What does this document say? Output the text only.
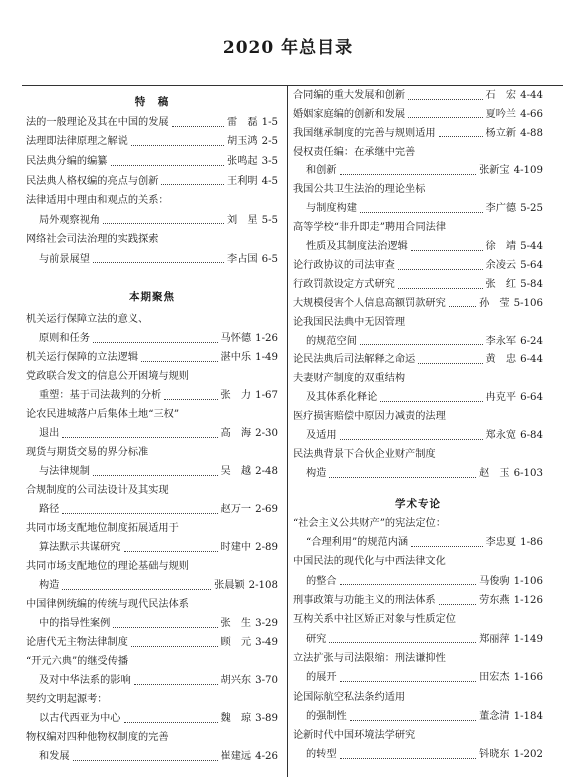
2020 年总目录
特　稿
法的一般理论及其在中国的发展	雷　磊 1-5
法理即法律原理之解说	胡玉鸿 2-5
民法典分编的编纂	张鸣起 3-5
民法典人格权编的亮点与创新	王利明 4-5
法律适用中理由和观点的关系：
局外观察视角	刘　星 5-5
网络社会司法治理的实践探索
与前景展望	李占国 6-5
本期聚焦
机关运行保障立法的意义、
原则和任务	马怀德 1-26
机关运行保障的立法逻辑	湛中乐 1-49
党政联合发文的信息公开困境与规则
重塑：基于司法裁判的分析	张　力 1-67
论农民进城落户后集体土地“三权”
退出	高　海 2-30
现货与期货交易的界分标准
与法律规制	吴　越 2-48
合规制度的公司法设计及其实现
路径	赵万一 2-69
共同市场支配地位制度拓展适用于
算法默示共谋研究	时建中 2-89
共同市场支配地位的理论基础与规则
构造	张晨颖 2-108
中国律例统编的传统与现代民法体系
中的指导性案例	张　生 3-29
论唐代无主物法律制度	顾　元 3-49
“开元六典”的继受传播
及对中华法系的影响	胡兴东 3-70
契约文明起源考：
以古代西亚为中心	魏　琼 3-89
物权编对四种他物权制度的完善
和发展	崔建远 4-26
合同编的重大发展和创新	石　宏 4-44
婚姻家庭编的创新和发展	夏吟兰 4-66
我国继承制度的完善与规则适用	杨立新 4-88
侵权责任编：在承继中完善
和创新	张新宝 4-109
我国公共卫生法治的理论坐标
与制度构建	李广德 5-25
高等学校“非升即走”聘用合同法律
性质及其制度法治逻辑	徐　靖 5-44
论行政协议的司法审查	余凌云 5-64
行政罚款设定方式研究	张　红 5-84
大规模侵害个人信息高额罚款研究	孙　莹 5-106
论我国民法典中无因管理
的规范空间	李永军 6-24
论民法典后司法解释之命运	黄　忠 6-44
夫妻财产制度的双重结构
及其体系化释论	冉克平 6-64
医疗损害赔偿中原因力减责的法理
及适用	郑永宽 6-84
民法典背景下合伙企业财产制度
构造	赵　玉 6-103
学术专论
“社会主义公共财产”的宪法定位：
“合理利用”的规范内涵	李忠夏 1-86
中国民法的现代化与中西法律文化
的整合	马俊驹 1-106
刑事政策与功能主义的刑法体系	劳东燕 1-126
互构关系中社区矫正对象与性质定位
研究	郑丽萍 1-149
立法扩张与司法限缩：刑法谦抑性
的展开	田宏杰 1-166
论国际航空私法条约适用
的强制性	董念清 1-184
论新时代中国环境法学研究
的转型	钭晓东 1-202
